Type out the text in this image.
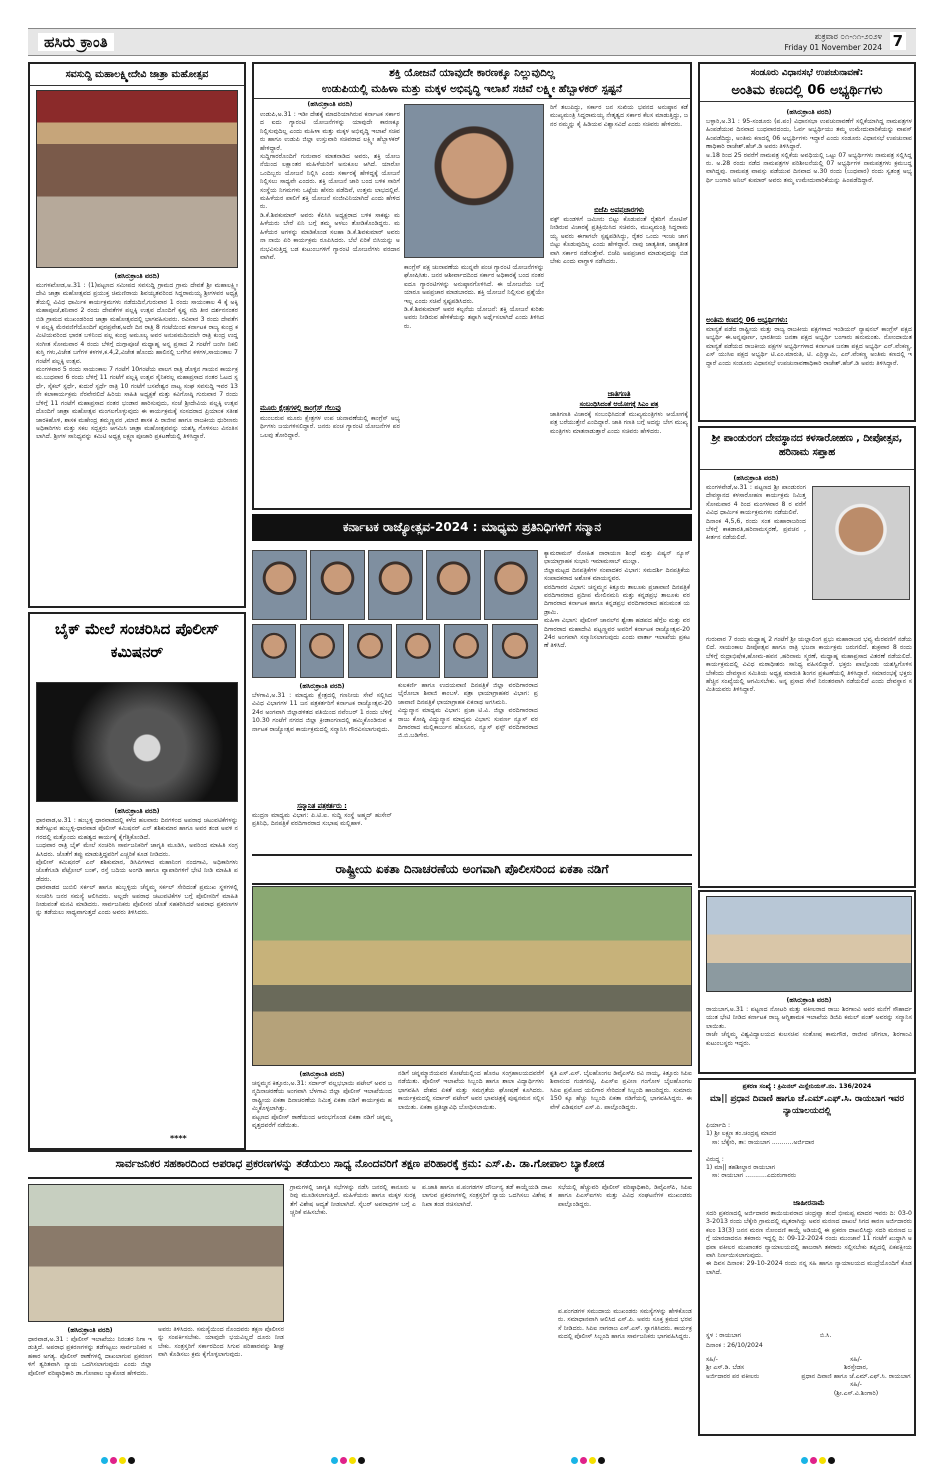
ಹಸಿರು ಕ್ರಾಂತಿ	ಶುಕ್ರವಾರ ೦೧-೧೧-೨೦೨೪
Friday 01 November 2024 7
ಸವಸುದ್ದಿ ಮಹಾಲಕ್ಷ್ಮೀದೇವಿ ಜಾತ್ರಾ ಮಹೋತ್ಸವ
(ಹಸಿರುಕ್ರಾಂತಿ ವರದಿ)
ಮುಗಳಖೋಡ,ಅ.31 : (1)ಪಟ್ಟಣದ ಸಮೀಪದ ಸವಸುದ್ದಿ ಗ್ರಾಮದ ಗ್ರಾಮ ದೇವತೆ ಶ್ರೀ ಮಹಾಲಕ್ಷ್ಮೀ ದೇವಿ ಜಾತ್ರಾ ಮಹೋತ್ಸವದ ಪ್ರಯುಕ್ತ ಚಿಮಣಿರಾಯ ಶಿವಯ್ಯತವರಿಂದ ಸಿದ್ದರಾಮಯ್ಯ ಶ್ರೀಗಳವರ ಅಧ್ಯಕ್ಷತೆಯಲ್ಲಿ ವಿವಿಧ ಧಾರ್ಮಿಕ ಕಾರ್ಯಕ್ರಮಗಳು ನಡೆದುದಿನೆ,ಗುರುವಾರ 1 ರಂದು ಸಾಯಂಕಾಲ 4 ಕ್ಕೆ ಅಕ್ಕಿ ಮಹಾಪೂಜೆ,ಶನಿವಾರ 2 ರಂದು ದೇವತೆಗಳ ಪಲ್ಲಕ್ಕಿ ಉತ್ಸವ ದೊಂದಿಗೆ ಕೃಷ್ಣ ನದಿ ತೀರ ದರ್ಶನನಂತರ ಬಿಡಿ ಗ್ರಾಮದ ಮುಖಂಡರಿಂದ ಜಾತ್ರಾ ಮಹೋತ್ಸವದಲ್ಲಿ ಭಾಗವಹಿಸುವರು. ರವಿವಾರ 3 ರಂದು ದೇವತೆಗಳ ಪಲ್ಲಕ್ಕಿ ಮೆರವಣಿಗೆಯೊಂದಿಗೆ ಪುರಪ್ರವೇಶ,ಅದೇ ದಿನ ರಾತ್ರಿ 8 ಗಂಟೆಯಿಂದ ಕರ್ನಾಟಕ ರಾಜ್ಯ ಕುಂದ್ರ ಕಮಿಟಿಯವರಿಂದ ಭಾರತ ಬಳಿನಿಂದ ಪಲ್ಲ ಕುಂದ್ರ ಅಮೂಲ್ಯ ಅವರ ಅನುಪಮದಿಂದಲೇ ರಾತ್ರಿ ಕುಂದ್ರ ಉದ್ದ ಸಂಗೀತ ಸೋಮವಾರ 4 ರಂದು ಬೆಳಿಗ್ಗೆ ದುಗ್ಗಾಪೂಜೆ ಮಧ್ಯಾಹ್ನ ಅನ್ನ ಪ್ರಸಾದ 2 ಗಂಟೆಗೆ ಜಂಗೀ ನಿಕಲಿ ಕುಸ್ತಿ ಗಳು,ವಿಜೇತ ಬಗೆಗಳ ಕಳಗಳ,ಕ.4,2,ವಿಜೇತ ಹೊಂದು ಹಾಲಿನಲ್ಲಿ ಬಗೆಗಿನ ಕಳಗಳ,ಸಾಯಂಕಾಲ 7 ಗಂಟೆಗೆ ಪಲ್ಲಕ್ಕಿ ಉತ್ಸವ.
ಮಂಗಳವಾರ 5 ರಂದು ಸಾಯಂಕಾಲ 7 ಗಂಟೆಗೆ 10ಗಂಟೆಯ ವಾಲಗ ರಾತ್ರಿ ಡೊಳ್ಳಿನ ಗಾಯನ ಕಾರ್ಯಕ್ರಮ.ಬುಧವಾರ 6 ರಂದು ಬೆಳಿಗ್ಗೆ 11 ಗಂಟೆಗೆ ಪಲ್ಲಕ್ಕಿ ಉತ್ಸವ ಸೈನಿಕರಲ್ಲ ಮಹಾಪ್ರಸಾದ ನಂತರ ಓಟದ ಸ್ಪರ್ಧೆ, ಸೈಕಲ್ ಸ್ಪರ್ಧೆ, ಕುದುರೆ ಸ್ಪರ್ಧೆ ರಾತ್ರಿ 10 ಗಂಟೆಗೆ ಬಸವೇಶ್ವರ ನಾಟ್ಯ ಸಂಘ ಸವಸುದ್ದಿ ಇವರ 13 ನೇ ಕಲಾಕಾರ್ಯಕ್ರಮ ನೆರವೇರಲಿದೆ ಹಿರಿಯ ಸಾಹಿತಿ ಅಧ್ಯಕ್ಷತೆ ಮತ್ತು ಕವಿಗೋಷ್ಠಿ ಗುರುವಾರ 7 ರಂದು ಬೆಳಿಗ್ಗೆ 11 ಗಂಟೆಗೆ ಮಹಾಪ್ರಸಾದ ನಂತರ ಭಂಡಾರ ಹಾರಿಸುವುದು, ಸಂಜೆ ಶ್ರೀದೇವಿಯ ಪಲ್ಲಕ್ಕಿ ಉತ್ಸವ ದೊಂದಿಗೆ ಜಾತ್ರಾ ಮಹೋತ್ಸವ ಮಂಗಲಗೊಳ್ಳುವುದು ಈ ಕಾರ್ಯಕ್ರಮಕ್ಕೆ ಸಂಸದರಾದ ಪ್ರಿಯಾಂಕ ಸತೀಶ ಜಾರಕಿಹೊಳಿ, ಶಾಸಕ ಮಹೇಂದ್ರ ತಮ್ಮಣ್ಣವರ ,ಮಾಜಿ ಶಾಸಕ ಪಿ ರಾಜೀವ ಹಾಗೂ ರಾಜಕೀಯ ಧುರೀಣರು ಅಧಿಕಾರಿಗಳು ಮತ್ತು ಸಕಲ ಸದ್ಭಕ್ತರು ಆಗಮಿಸಿ ಜಾತ್ರಾ ಮಹೋತ್ಸವವನ್ನು ಯಶಸ್ವಿ ಗೊಳಿಸಲು ವಿನಂತಿಸಲಾಗಿದೆ. ಶ್ರೀಗಳ ಸಾನಿಧ್ಯವನ್ನು ಕಮಿಟಿ ಅಧ್ಯಕ್ಷ ಲಕ್ಷ್ಮಣ ಪೂಜಾರಿ ಪ್ರಕಟಣೆಯಲ್ಲಿ ತಿಳಿಸಿದ್ದಾರೆ.
ಬೈಕ್ ಮೇಲೆ ಸಂಚರಿಸಿದ ಪೊಲೀಸ್ ಕಮಿಷನರ್
(ಹಸಿರುಕ್ರಾಂತಿ ವರದಿ)
ಧಾರವಾಡ,ಅ.31 : ಹುಬ್ಬಳ್ಳಿ ಧಾರವಾಡದಲ್ಲಿ ಕಳೆದ ಹಲವಾರು ದಿನಗಳಿಂದ ಅಪರಾಧ ಚಟುವಟಿಕೆಗಳನ್ನು ತಡೆಗಟ್ಟುವ ಹುಬ್ಬಳ್ಳಿ-ಧಾರವಾಡ ಪೊಲೀಸ್ ಕಮಿಷನರ್ ಎನ್ ಶಶಿಕುಮಾರ ಹಾಗೂ ಅವರ ತಂಡ ಅವಳಿ ನಗರದಲ್ಲಿ ಮತ್ತೊಂದು ಮಹತ್ವದ ಕಾರ್ಯಕ್ಕೆ ಕೈಗೆತ್ತಿಕೊಂಡಿದೆ.
ಬುಧವಾರ ರಾತ್ರಿ ಬೈಕ್ ಮೇಲೆ ಸಂಚರಿಸಿ ಸಾರ್ವಜನಿಕರಿಗೆ ಜಾಗೃತಿ ಮೂಡಿಸಿ, ಅವರಿಂದ ಮಾಹಿತಿ ಸಂಗ್ರಹಿಸಿದರು. ಜೊತೆಗೆ ತಪ್ಪು ಮಾಡುತ್ತಿದ್ದವರಿಗೆ ಎಚ್ಚರಿಕೆ ಕೂಡ ನೀಡಿದರು.
ಪೊಲೀಸ್ ಕಮಿಷನರ್ ಎನ್ ಶಶಿಕುಮಾರ, ಡಿಸಿಪಿಗಳಾದ ಮಹಾನಿಂಗ ನಂದಗಾವಿ, ಅಧಿಕಾರಿಗಳು ಜೊತೆಗೂಡಿ ಪೆಟ್ರೋಲ್ ಬಂಕ್, ರಸ್ತೆ ಬದಿಯ ಅಂಗಡಿ ಹಾಗೂ ವ್ಯಾಪಾರಿಗಳಿಗೆ ಭೇಟಿ ನೀಡಿ ಮಾಹಿತಿ ಪಡೆದರು.
ಧಾರವಾಡದ ಜುಬಿಲಿ ಸರ್ಕಲ್ ಹಾಗೂ ಹುಬ್ಬಳ್ಳಿಯ ಚೆನ್ನಮ್ಮ ಸರ್ಕಲ್ ಸೇರಿದಂತೆ ಪ್ರಮುಖ ಸ್ಥಳಗಳಲ್ಲಿ ಸಂಚರಿಸಿ ಜನರ ಸಮಸ್ಯೆ ಆಲಿಸಿದರು. ಅಲ್ಲದೇ ಅಪರಾಧ ಚಟುವಟಿಕೆಗಳ ಬಗ್ಗೆ ಪೊಲೀಸರಿಗೆ ಮಾಹಿತಿ ನೀಡುವಂತೆ ಮನವಿ ಮಾಡಿದರು. ಸಾರ್ವಜನಿಕರು ಪೊಲೀಸರ ಜೊತೆ ಸಹಕರಿಸಿದರೆ ಅಪರಾಧ ಪ್ರಕರಣಗಳನ್ನು ತಡೆಯಲು ಸಾಧ್ಯವಾಗುತ್ತದೆ ಎಂದು ಅವರು ತಿಳಿಸಿದರು.
****
ಶಕ್ತಿ ಯೋಜನೆ ಯಾವುದೇ ಕಾರಣಕ್ಕೂ ನಿಲ್ಲುವುದಿಲ್ಲ
ಉಡುಪಿಯಲ್ಲಿ ಮಹಿಳಾ ಮತ್ತು ಮಕ್ಕಳ ಅಭಿವೃದ್ಧಿ ಇಲಾಖೆ ಸಚಿವೆ ಲಕ್ಷ್ಮೀ ಹೆಬ್ಬಾಳಕರ್ ಸ್ಪಷ್ಟನೆ
(ಹಸಿರುಕ್ರಾಂತಿ ವರದಿ)
ಉಡುಪಿ,ಅ.31 : ಇಡೀ ದೇಶಕ್ಕೆ ಮಾದರಿಯಾಗಿರುವ ಕರ್ನಾಟಕ ಸರ್ಕಾರದ ಐದು ಗ್ಯಾರಂಟಿ ಯೋಜನೆಗಳನ್ನು ಯಾವುದೇ ಕಾರಣಕ್ಕೂ ನಿಲ್ಲಿಸುವುದಿಲ್ಲ ಎಂದು ಮಹಿಳಾ ಮತ್ತು ಮಕ್ಕಳ ಅಭಿವೃದ್ಧಿ ಇಲಾಖೆ ಸಚಿವರು ಹಾಗೂ ಉಡುಪಿ ಜಿಲ್ಲಾ ಉಸ್ತುವಾರಿ ಸಚಿವರಾದ ಲಕ್ಷ್ಮೀ ಹೆಬ್ಬಾಳಕರ್ ಹೇಳಿದ್ದಾರೆ.
ಸುದ್ದಿಗಾರರೊಂದಿಗೆ ಗುರುವಾರ ಮಾತನಾಡಿದ ಅವರು, ಶಕ್ತಿ ಯೋಜನೆಯಿಂದ ಲಕ್ಷಾಂತರ ಮಹಿಳೆಯರಿಗೆ ಅನುಕೂಲ ಆಗಿದೆ. ಯಾರೋ ಒಂದಿಬ್ಬರು ಯೋಜನೆ ನಿಲ್ಲಿಸಿ ಎಂದು ಸರ್ಕಾರಕ್ಕೆ ಹೇಳಿದ್ದಕ್ಕೆ ಯೋಜನೆ ನಿಲ್ಲಿಸಲು ಸಾಧ್ಯವೇ ಎಂದರು. ಶಕ್ತಿ ಯೋಜನೆ ಜಾರಿ ಬಂದ ಬಳಿಕ ಸಾರಿಗೆ ಸಂಸ್ಥೆಯ ನಿಗಮಗಳು ಒಟ್ಟೆಯ ಹೆಸರು ಪಡೆದಿವೆ, ಉತ್ತಮ ಲಾಭದಲ್ಲಿವೆ. ಮಹಿಳೆಯರ ಪಾಲಿಗೆ ಶಕ್ತಿ ಯೋಜನೆ ಸಂಜೀವಿನಿಯಾಗಿದೆ ಎಂದು ಹೇಳಿದರು.
ಡಿ.ಕೆ.ಶಿವಕುಮಾರ್ ಅವರು ಕೆಪಿಸಿಸಿ ಅಧ್ಯಕ್ಷರಾದ ಬಳಿಕ ಸಾಕಷ್ಟು ಮಹಿಳೆಯರು ಬೇರೆ ಏನಿ ಬಗ್ಗೆ ತಮ್ಮ ಅಳಲು ತೋಡಿಕೊಂಡಿದ್ದರು. ಮಹಿಳೆಯರ ಅಗಳನ್ನು ಮಾಡಿಕೊಂಡ ಸಲಹಾ ಡಿ.ಕೆ.ಶಿವಕುಮಾರ್ ಅವರು ನಾ ನಾಯಿ ಏರಿ ಕಾರ್ಯಕ್ರಮ ರೂಪಿಸಿದರು. ಬೆಲೆ ಏರಿಕೆ ಬಿಸಿಯನ್ನು ಅನುಭವಿಸುತ್ತಿದ್ದ ಬಡ ಕುಟುಂಬಗಳಿಗೆ ಗ್ಯಾರಂಟಿ ಯೋಜನೆಗಳು ವರದಾನವಾಗಿವೆ.
ಮೂರು ಕ್ಷೇತ್ರಗಳಲ್ಲಿ ಕಾಂಗ್ರೆಸ್ ಗೆಲುವು
ಮುಂಬರುವ ಮೂರು ಕ್ಷೇತ್ರಗಳ ಉಪ ಚುನಾವಣೆಯಲ್ಲಿ ಕಾಂಗ್ರೆಸ್ ಅಭ್ಯರ್ಥಿಗಳು ಜಯಗಳಿಸಲಿದ್ದಾರೆ. ಜನರು ಪಂಚ ಗ್ಯಾರಂಟಿ ಯೋಜನೆಗಳ ಪರ ಒಲವು ತೋರಿದ್ದಾರೆ.
ಕಾಂಗ್ರೆಸ್ ಪಕ್ಷ ಚುನಾವಣೆಯ ಮುನ್ನವೇ ಪಂಚ ಗ್ಯಾರಂಟಿ ಯೋಜನೆಗಳನ್ನು ಘೋಷಿಸಿತು. ಜನರ ಆಶೀರ್ವಾದದಿಂದ ಸರ್ಕಾರ ಅಧಿಕಾರಕ್ಕೆ ಬಂದ ನಂತರ ಐದೂ ಗ್ಯಾರಂಟಿಗಳನ್ನು ಅನುಷ್ಠಾನಗೊಳಿಸಿದೆ. ಈ ಯೋಜನೆಯ ಬಗ್ಗೆ ಯಾರೂ ಅಪಪ್ರಚಾರ ಮಾಡಬಾರದು. ಶಕ್ತಿ ಯೋಜನೆ ನಿಲ್ಲಿಸುವ ಪ್ರಶ್ನೆಯೇ ಇಲ್ಲ ಎಂದು ಸಚಿವೆ ಸ್ಪಷ್ಟಪಡಿಸಿದರು.
ಡಿ.ಕೆ.ಶಿವಕುಮಾರ್ ಅವರ ಕಲ್ಪನೆಯ ಯೋಜನೆ: ಶಕ್ತಿ ಯೋಜನೆ ಕುರಿತು ಅವರು ನೀಡಿರುವ ಹೇಳಿಕೆಯನ್ನು ತಪ್ಪಾಗಿ ಅರ್ಥೈಸಲಾಗಿದೆ ಎಂದು ತಿಳಿಸಿದರು.
ರಿಗೆ ತಲುಪಿದ್ದು, ಸರ್ಕಾರ ಜನ ಸುಖಿಯ ಭವನದ ಅನುಷ್ಠಾನ ಕಡೆ ಮುಖ್ಯಮಂತ್ರಿ ಸಿದ್ದರಾಮಯ್ಯ ನೇತೃತ್ವದ ಸರ್ಕಾರ ಕೆಲಸ ಮಾಡುತ್ತಿದ್ದು, ಜನರ ನಮ್ಮನ್ನು ಕೈ ಹಿಡಿಯವ ವಿಶ್ವಾಸವಿದೆ ಎಂದು ಸಚಿವರು ಹೇಳಿದರು.
ಬಿಜೆಪಿ ಅಪಪ್ರಚಾರಗಳು
ವಕ್ಫ್ ಮಂಡಳಿಗೆ ಜಮೀನು ಬಿಟ್ಟು ಕೊಡುವಂತೆ ರೈತರಿಗೆ ನೋಟಿಸ್ ನೀಡಿರುವ ವಿಚಾರಕ್ಕೆ ಪ್ರತಿಕ್ರಿಯಿಸಿದ ಸಚಿವರು, ಮುಖ್ಯಮಂತ್ರಿ ಸಿದ್ದರಾಮಯ್ಯ ಅವರು ಈಗಾಗಲೇ ಸ್ಪಷ್ಟಪಡಿಸಿದ್ದು, ರೈತರ ಒಂದು ಇಂಚು ಜಾಗ ಬಿಟ್ಟು ಕೊಡುವುದಿಲ್ಲ ಎಂದು ಹೇಳಿದ್ದಾರೆ. ನಾವು ಜಾತ್ಯತೀತ, ಜಾತ್ಯತೀತವಾಗಿ ಸರ್ಕಾರ ನಡೆಸುತ್ತೇವೆ. ಬಿಜೆಪಿ ಅಪಪ್ರಚಾರ ಮಾಡುವುದನ್ನು ಬಿಡಬೇಕು ಎಂದು ವಾಗ್ದಾಳಿ ನಡೆಸಿದರು.
ಜಾತಿಗಣತಿ
ಸಂಬಂಧಿಸಿದಂತೆ ಆಯೋಗಕ್ಕೆ ಸಿಎಂ ಪತ್ರ
ಜಾತಿಗಣತಿ ವಿಚಾರಕ್ಕೆ ಸಂಬಂಧಿಸಿದಂತೆ ಮುಖ್ಯಮಂತ್ರಿಗಳು ಆಯೋಗಕ್ಕೆ ಪತ್ರ ಬರೆಯುತ್ತೇನೆ ಎಂದಿದ್ದಾರೆ. ಜಾತಿ ಗಣತಿ ಬಗ್ಗೆ ಅದನ್ನು ಬೇಗ ಮುಖ್ಯಮಂತ್ರಿಗಳು ಮಾತನಾಡುತ್ತಾರೆ ಎಂದು ಸಚಿವರು ಹೇಳಿದರು.
ಕರ್ನಾಟಕ ರಾಜ್ಯೋತ್ಸವ-2024 : ಮಾಧ್ಯಮ ಪ್ರತಿನಿಧಿಗಳಿಗೆ ಸನ್ಮಾನ
ಕ್ಯಾಮರಾಮನ್ ರೋಹಿತ ನಾರಾಯಣ ಶಿಂಧೆ ಮತ್ತು ಏಷ್ಯನ್ ನ್ಯೂಸ್ ಛಾಯಾಗ್ರಾಹಕ ಸುಭಾನಿ ಇಮಾಮಸಾಬ್ ಮುಲ್ಲಾ.
ಜಿಲ್ಲಾಮಟ್ಟದ ದಿನಪತ್ರಿಕೆಗಳ ಸಂಪಾದಕರ ವಿಭಾಗ: ಸಮದರ್ಶಿ ದಿನಪತ್ರಿಕೆಯ ಸಂಪಾದಕರಾದ ಅಶೋಕ ಮಾಯನ್ನವರ.
ವರದಿಗಾರರ ವಿಭಾಗ: ಚನ್ನಮ್ಮನ ಕಿತ್ತೂರು ತಾಲೂಕು ಪ್ರಜಾವಾಣಿ ದಿನಪತ್ರಿಕೆ ವರದಿಗಾರರಾದ ಪ್ರದೀಪ ಮೇಲಿನಮನಿ ಮತ್ತು ಕನ್ನಡಪ್ರಭ ತಾಲೂಕು ವರದಿಗಾರರಾದ ಕರ್ನಾಟಕ ಹಾಗೂ ಕನ್ನಡಪ್ರಭ ವರದಿಗಾರರಾದ ಹನುಮಂತ ಯಡ್ರಾಮಿ.
ಮಹಿಳಾ ವಿಭಾಗ: ಪೊಲೀಸ್ ಚಾನಲ್‍ನ ಶ್ವೇತಾ ಹಡಪದ ಹೆಗ್ಗೆಲ ಮತ್ತು ವರದಿಗಾರರಾದ ಮಹಾದೇವಿ ಪಟ್ಟಣ್ಣವರ ಅವರಿಗೆ ಕರ್ನಾಟಕ ರಾಜ್ಯೋತ್ಸವ-2024ರ ಅಂಗವಾಗಿ ಸನ್ಮಾನಿಸಲಾಗುವುದು ಎಂದು ವಾರ್ತಾ ಇಲಾಖೆಯ ಪ್ರಕಟಣೆ ತಿಳಿಸಿದೆ.
(ಹಸಿರುಕ್ರಾಂತಿ ವರದಿ)
ಬೆಳಗಾವಿ,ಅ.31 : ಮಾಧ್ಯಮ ಕ್ಷೇತ್ರದಲ್ಲಿ ಗಣನೀಯ ಸೇವೆ ಸಲ್ಲಿಸಿದ ವಿವಿಧ ವಿಭಾಗಗಳ 11 ಜನ ಪತ್ರಕರ್ತರಿಗೆ ಕರ್ನಾಟಕ ರಾಜ್ಯೋತ್ಸವ-2024ರ ಅಂಗವಾಗಿ ಜಿಲ್ಲಾಡಳಿತದ ವತಿಯಿಂದ ನವೆಂಬರ್ 1 ರಂದು ಬೆಳಿಗ್ಗೆ 10.30 ಗಂಟೆಗೆ ನಗರದ ಜಿಲ್ಲಾ ಕ್ರೀಡಾಂಗಣದಲ್ಲಿ ಹಮ್ಮಿಕೊಂಡಿರುವ ಕರ್ನಾಟಕ ರಾಜ್ಯೋತ್ಸವ ಕಾರ್ಯಕ್ರಮದಲ್ಲಿ ಸನ್ಮಾನಿಸಿ ಗೌರವಿಸಲಾಗುವುದು.
ಸನ್ಮಾನಿತ ಪತ್ರಕರ್ತರು :
ಮುದ್ರಣ ಮಾಧ್ಯಮ ವಿಭಾಗ: ಪಿ.ಟಿ.ಐ. ಸುದ್ದಿ ಸಂಸ್ಥೆ ಅಹ್ಮದ್ ಹುಸೇನ್ ಪ್ರತಿನಿಧಿ, ದಿನಪತ್ರಿಕೆ ವರದಿಗಾರರಾದ ಸುಭಾಷ ಮಲ್ಲಿಹಾಳ.
ಕುಲಕರ್ಣಿ ಹಾಗೂ ಉದಯವಾಣಿ ದಿನಪತ್ರಿಕೆ ಜಿಲ್ಲಾ ವರದಿಗಾರರಾದ ಭೈರೋಬಾ ಶಿವಾಜಿ ಕಾಂಬಳೆ. ಪತ್ರಾ ಛಾಯಾಗ್ರಾಹಕರ ವಿಭಾಗ: ಪ್ರಜಾವಾಣಿ ದಿನಪತ್ರಿಕೆ ಛಾಯಾಗ್ರಾಹಕ ಏಕನಾಥ ಅಗಸಿಮನಿ.
ವಿದ್ಯುನ್ಮಾನ ಮಾಧ್ಯಮ ವಿಭಾಗ: ಪ್ರಜಾ ಟಿ.ವಿ. ಜಿಲ್ಲಾ ವರದಿಗಾರರಾದ ರಾಜು ಕೋಷ್ಠಿ ವಿದ್ಯುನ್ಮಾನ ಮಾಧ್ಯಮ ವಿಭಾಗ: ಸುವರ್ಣ ನ್ಯೂಸ್ ವರದಿಗಾರರಾದ ಮಲ್ಲಿಕಾರ್ಜುನ ಹೊಸೂರ, ನ್ಯೂಸ್ ಫಸ್ಟ್ ವರದಿಗಾರರಾದ ಜಿ.ಬಿ.ಬಡಿಗೇರ.
ರಾಷ್ಟ್ರೀಯ ಏಕತಾ ದಿನಾಚರಣೆಯ ಅಂಗವಾಗಿ ಪೊಲೀಸರಿಂದ ಏಕತಾ ನಡಿಗೆ
(ಹಸಿರುಕ್ರಾಂತಿ ವರದಿ)
ಚನ್ನಮ್ಮನ ಕಿತ್ತೂರು,ಅ.31: ಸರ್ದಾರ್ ವಲ್ಲಭಭಾಯಿ ಪಟೇಲ್ ಅವರ ಜನ್ಮದಿನಾಚರಣೆಯ ಅಂಗವಾಗಿ ಬೆಳಗಾವಿ ಜಿಲ್ಲಾ ಪೊಲೀಸ್ ಇಲಾಖೆಯಿಂದ ರಾಷ್ಟ್ರೀಯ ಏಕತಾ ದಿನಾಚರಣೆಯ ನಿಮಿತ್ತ ಏಕತಾ ನಡಿಗೆ ಕಾರ್ಯಕ್ರಮ ಹಮ್ಮಿಕೊಳ್ಳಲಾಗಿತ್ತು.
ಪಟ್ಟಣದ ಪೊಲೀಸ್ ಠಾಣೆಯಿಂದ ಆರಂಭಗೊಂಡ ಏಕತಾ ನಡಿಗೆ ಚನ್ನಮ್ಮ ವೃತ್ತದವರೆಗೆ ನಡೆಯಿತು.
ನಡಿಗೆ ಚನ್ನಮ್ಮಾಜಿಯವರ ಕೋಟೆಯಲ್ಲಿಂದ ಹೊರಟ ಸಂಗ್ರಹಾಲಯದವರೆಗೆ ನಡೆಯಿತು. ಪೊಲೀಸ್ ಇಲಾಖೆಯ ಸಿಬ್ಬಂದಿ ಹಾಗೂ ಶಾಲಾ ವಿದ್ಯಾರ್ಥಿಗಳು ಭಾಗವಹಿಸಿ ದೇಶದ ಏಕತೆ ಮತ್ತು ಸಮಗ್ರತೆಯ ಘೋಷಣೆ ಕೂಗಿದರು. ಕಾರ್ಯಕ್ರಮದಲ್ಲಿ ಸರ್ದಾರ್ ಪಟೇಲ್ ಅವರ ಭಾವಚಿತ್ರಕ್ಕೆ ಪುಷ್ಪನಮನ ಸಲ್ಲಿಸಲಾಯಿತು. ಏಕತಾ ಪ್ರತಿಜ್ಞಾವಿಧಿ ಬೋಧಿಸಲಾಯಿತು.
ಕೃತಿ ಎಸ್.ಎಸ್. ಬೈಲಹೊಂಗಲ ಡಿವೈಎಸ್‍ಪಿ ರವಿ ನಾಯ್ಕ, ಕಿತ್ತೂರು ಸಿಪಿಐ ಶಿವಾನಂದ ಗುಡಗನಟ್ಟಿ, ಪಿಎಸ್‍ಐ ಪ್ರವೀಣ ಗಂಗೋಳ ಬೈಲಹೊಂಗಲ ಸಿಪಿಐ ಪ್ರಮೋದ ಯಲಿಗಾರ ಸೇರಿದಂತೆ ಸಿಬ್ಬಂದಿ ಹಾಜರಿದ್ದರು. ಸುಮಾರು 150 ಕ್ಕೂ ಹೆಚ್ಚು ಸಿಬ್ಬಂದಿ ಏಕತಾ ನಡಿಗೆಯಲ್ಲಿ ಭಾಗವಹಿಸಿದ್ದರು. ಈ ವೇಳೆ ಎಡಿಷನಲ್ ಎಸ್.ಪಿ. ಪಾಲ್ಗೊಂಡಿದ್ದರು.
ಸಂಡೂರು ವಿಧಾನಸಭೆ ಉಪಚುನಾವಣೆ:
ಅಂತಿಮ ಕಣದಲ್ಲಿ 06 ಅಭ್ಯರ್ಥಿಗಳು
(ಹಸಿರುಕ್ರಾಂತಿ ವರದಿ)
ಬಳ್ಳಾರಿ,ಅ.31 : 95-ಸಂಡೂರು (ಪ.ಪಂ) ವಿಧಾನಸಭಾ ಉಪಚುನಾವಣೆಗೆ ಸಲ್ಲಿಕೆಯಾಗಿದ್ದ ನಾಮಪತ್ರಗಳ ಹಿಂಪಡೆಯುವ ದಿನವಾದ ಬುಧವಾರದಂದು, ಓರ್ವ ಅಭ್ಯರ್ಥಿಯು ತಮ್ಮ ಉಮೇದುವಾರಿಕೆಯನ್ನು ವಾಪಸ್ ಹಿಂಪಡೆದಿದ್ದು, ಅಂತಿಮ ಕಣದಲ್ಲಿ 06 ಅಭ್ಯರ್ಥಿಗಳು ಇದ್ದಾರೆ ಎಂದು ಸಂಡೂರು ವಿಧಾನಸಭೆ ಉಪಚುನಾವಣಾಧಿಕಾರಿ ರಾಜೇಶ್.ಹೆಚ್.ಡಿ ಅವರು ತಿಳಿಸಿದ್ದಾರೆ.
ಅ.18 ರಿಂದ 25 ರವರೆಗೆ ನಾಮಪತ್ರ ಸಲ್ಲಿಕೆಯ ಅವಧಿಯಲ್ಲಿ ಒಟ್ಟು 07 ಅಭ್ಯರ್ಥಿಗಳು ನಾಮಪತ್ರ ಸಲ್ಲಿಸಿದ್ದರು. ಅ.28 ರಂದು ನಡೆದ ನಾಮಪತ್ರಗಳ ಪರಿಶೀಲನೆಯಲ್ಲಿ 07 ಅಭ್ಯರ್ಥಿಗಳ ನಾಮಪತ್ರಗಳು ಕ್ರಮಬದ್ಧವಾಗಿದ್ದವು. ನಾಮಪತ್ರ ವಾಪಸ್ಸು ಪಡೆಯುವ ದಿನವಾದ ಅ.30 ರಂದು (ಬುಧವಾರ) ರಂದು ಸ್ವತಂತ್ರ ಅಭ್ಯರ್ಥಿ ಬಂಗಾರಿ ಅನಿಲ್ ಕುಮಾರ್ ಅವರು ತಮ್ಮ ಉಮೇದುವಾರಿಕೆಯನ್ನು ಹಿಂಪಡೆದಿದ್ದಾರೆ.
ಅಂತಿಮ ಕಣದಲ್ಲಿ 06 ಅಭ್ಯರ್ಥಿಗಳು:
ಮಾನ್ಯತೆ ಪಡೆದ ರಾಷ್ಟ್ರೀಯ ಮತ್ತು ರಾಜ್ಯ ರಾಜಕೀಯ ಪಕ್ಷಗಳಾದ ಇಂಡಿಯನ್ ನ್ಯಾಷನಲ್ ಕಾಂಗ್ರೆಸ್ ಪಕ್ಷದ ಅಭ್ಯರ್ಥಿ ಈ.ಅನ್ನಪೂರ್ಣ, ಭಾರತೀಯ ಜನತಾ ಪಕ್ಷದ ಅಭ್ಯರ್ಥಿ ಬಂಗಾರು ಹನುಮಂತು. ನೋಂದಾಯಿತ ಮಾನ್ಯತೆ ಪಡೆಯದ ರಾಜಕೀಯ ಪಕ್ಷಗಳ ಅಭ್ಯರ್ಥಿಗಳಾದ ಕರ್ನಾಟಕ ಜನತಾ ಪಕ್ಷದ ಅಭ್ಯರ್ಥಿ ಎನ್.ವೆಂಕಣ್ಣ, ಎಸ್ ಯುಸಿಐ ಪಕ್ಷದ ಅಭ್ಯರ್ಥಿ ಟಿ.ಎಂ.ಮಾರುತಿ, ಟಿ. ಎರ್ರಿಸ್ವಾಮಿ, ಎನ್.ವೆಂಕಣ್ಣ ಅಂತಿಮ ಕಣದಲ್ಲಿ ಇದ್ದಾರೆ ಎಂದು ಸಂಡೂರು ವಿಧಾನಸಭೆ ಉಪಚುನಾವಣಾಧಿಕಾರಿ ರಾಜೇಶ್.ಹೆಚ್.ಡಿ ಅವರು ತಿಳಿಸಿದ್ದಾರೆ.
ಶ್ರೀ ಪಾಂಡುರಂಗ ದೇವಸ್ಥಾನದ ಕಳಸಾರೋಹಣ , ದೀಪೋತ್ಸವ, ಹರಿನಾಮ ಸಪ್ತಾಹ
(ಹಸಿರುಕ್ರಾಂತಿ ವರದಿ)
ಮಂಗಳವೇಡೆ,ಅ.31 : ಪಟ್ಟಣದ ಶ್ರೀ ಪಾಂಡುರಂಗ ದೇವಸ್ಥಾನದ ಕಳಸಾರೋಹಣ ಕಾರ್ಯಕ್ರಮ ನಿಮಿತ್ತ ಸೋಮವಾರ 4 ರಿಂದ ಮಂಗಳವಾರ 8 ರ ವರೆಗೆ ವಿವಿಧ ಧಾರ್ಮಿಕ ಕಾರ್ಯಕ್ರಮಗಳು ನಡೆಯಲಿವೆ.
ದಿನಾಂಕ 4,5,6, ರಂದು ಸಂತ ಮಹಾರಾಜರಿಂದ ಬೆಳಿಗ್ಗೆ ಕಾಕಡಾರತಿ,ಹರಿನಾಮಸ್ಮರಣೆ, ಪ್ರವಚನ ,ಕೀರ್ತನ ನಡೆಯಲಿದೆ.
ಗುರುವಾರ 7 ರಂದು ಮಧ್ಯಾಹ್ನ 2 ಗಂಟೆಗೆ ಶ್ರೀ ಯಲ್ಲಾಲಿಂಗ ಪ್ರಭು ಮಹಾರಾಜರ ಭವ್ಯ ಮೆರವಣಿಗೆ ನಡೆಯಲಿದೆ. ಸಾಯಂಕಾಲ ದೀಪೋತ್ಸವ ಹಾಗೂ ರಾತ್ರಿ ಭಜನಾ ಕಾರ್ಯಕ್ರಮ ಜರುಗಲಿದೆ. ಶುಕ್ರವಾರ 8 ರಂದು ಬೆಳಿಗ್ಗೆ ರುದ್ರಾಭಿಷೇಕ,ಹೋಮ-ಹವನ ,ಹರಿನಾಮ ಸ್ಮರಣೆ, ಮಧ್ಯಾಹ್ನ ಮಹಾಪ್ರಸಾದ ವಿತರಣೆ ನಡೆಯಲಿದೆ. ಕಾರ್ಯಕ್ರಮದಲ್ಲಿ ವಿವಿಧ ಮಠಾಧೀಶರು ಸಾನಿಧ್ಯ ವಹಿಸಲಿದ್ದಾರೆ. ಭಕ್ತರು ಪಾಲ್ಗೊಂಡು ಯಶಸ್ವಿಗೊಳಿಸಬೇಕೆಂದು ದೇವಸ್ಥಾನ ಸಮಿತಿಯ ಅಧ್ಯಕ್ಷ ಮಾರುತಿ ಶಿಂಗನ ಪ್ರಕಟಣೆಯಲ್ಲಿ ತಿಳಿಸಿದ್ದಾರೆ. ಸಮಾರಂಭಕ್ಕೆ ಭಕ್ತರು ಹೆಚ್ಚಿನ ಸಂಖ್ಯೆಯಲ್ಲಿ ಆಗಮಿಸಬೇಕು. ಅನ್ನ ಪ್ರಸಾದ ಸೇವೆ ನಿರಂತರವಾಗಿ ನಡೆಯಲಿದೆ ಎಂದು ದೇವಸ್ಥಾನ ಸಮಿತಿಯವರು ತಿಳಿಸಿದ್ದಾರೆ.
(ಹಸಿರುಕ್ರಾಂತಿ ವರದಿ)
ರಾಯಬಾಗ,ಅ.31 : ಪಟ್ಟಣದ ನೋಟರಿ ಮತ್ತು ವಕೀಲರಾದ ರಾಜು ಶಿರಗಾಂವಿ ಅವರ ಮನೆಗೆ ಸೌಹಾರ್ದಯುತ ಭೇಟಿ ನೀಡಿದ ಕರ್ನಾಟಕ ರಾಜ್ಯ ಆಗ್ನಿಶಾಮಕ ಇಲಾಖೆಯ ಡಿಜಿಪಿ ಕಮಲ್ ಪಂತ್ ಅವರನ್ನು ಸನ್ಮಾನಿಸಲಾಯಿತು.
ರಾಜೇ ಚೆನ್ನಮ್ಮ ವಿಶ್ವವಿದ್ಯಾಲಯದ ಕುಲಸಚಿವ ಸಂತೋಷ ಕಾಮಗೌಡ, ರಾಜೀವ ಚೌಗಲಾ, ಶಿರಗಾಂವಿ ಕುಟುಂಬಸ್ಥರು ಇದ್ದರು.
ಪ್ರಕರಣ ಸಂಖ್ಯೆ : ಕ್ರಿಮಿನಲ್ ಮಿಸ್ಲೇನಿಯಸ್.ನಂ. 136/2024
ಮಾ|| ಪ್ರಧಾನ ದಿವಾಣಿ ಹಾಗೂ ಜೆ.ಎಮ್.ಎಫ್.ಸಿ. ರಾಯಬಾಗ ಇವರ ನ್ಯಾಯಾಲಯದಲ್ಲಿ
ಫಿರ್ಯಾದಿ :
1) ಶ್ರೀ ಲಕ್ಷ್ಮಣ ತಂ.ಚಂದ್ರಪ್ಪ ಮಾದರ
ಸಾ: ಬೆಕ್ಕೇರಿ, ತಾ: ರಾಯಬಾಗ ...........ಅರ್ಜಿದಾರ

ವಿರುದ್ಧ :
1) ಮಾ|| ತಹಶೀಲ್ದಾರ ರಾಯಬಾಗ
ಸಾ: ರಾಯಬಾಗ ...........ಎದುರುಗಾರರು
ಜಾಹೀರನಾಮೆ
ಸದರಿ ಪ್ರಕರಣದಲ್ಲಿ ಅರ್ಜಿದಾರರ ತಾಯಿಯವರಾದ ಚಂದ್ರವ್ವಾ ತಂದೆ ಭೀಮಪ್ಪ ಮಾದರ ಇವರು ದಿ: 03-03-2013 ರಂದು ಬೆಕ್ಕೇರಿ ಗ್ರಾಮದಲ್ಲಿ ಮೃತರಾಗಿದ್ದು ಅವರ ಮರಣದ ದಾಖಲೆ ಸಿಗದ ಕಾರಣ ಅರ್ಜಿದಾರರು ಕಲಂ 13(3) ಜನನ ಮರಣ ನೋಂದಣಿ ಕಾಯ್ದೆ ಅಡಿಯಲ್ಲಿ ಈ ಪ್ರಕರಣ ದಾಖಲಿಸಿದ್ದು ಸದರಿ ಮರಣದ ಬಗ್ಗೆ ಯಾರದಾದರೂ ತಕರಾರು ಇದ್ದಲ್ಲಿ ದಿ: 09-12-2024 ರಂದು ಮುಂಜಾನೆ 11 ಗಂಟೆಗೆ ಖುದ್ದಾಗಿ ಅಥವಾ ವಕೀಲರ ಮುಖಾಂತರ ನ್ಯಾಯಾಲಯದಲ್ಲಿ ಹಾಜರಾಗಿ ತಕರಾರು ಸಲ್ಲಿಸಬೇಕು ತಪ್ಪಿದಲ್ಲಿ ಏಕಪಕ್ಷೀಯವಾಗಿ ನಿರ್ಣಯಿಸಲಾಗುವುದು.
ಈ ದಿವಸ ದಿನಾಂಕ: 29-10-2024 ರಂದು ನನ್ನ ಸಹಿ ಹಾಗೂ ನ್ಯಾಯಾಲಯದ ಮುದ್ರೆಯೊಂದಿಗೆ ಕೊಡಲಾಗಿದೆ.
ಸ್ಥಳ : ರಾಯಬಾಗ
ದಿನಾಂಕ : 26/10/2024
ಬಿ.ಸಿ.
ಸಹಿ/-
ಶ್ರೀ ಎಸ್.ಡಿ. ಬೆಡಸ
ಅರ್ಜಿದಾರರ ಪರ ವಕೀಲರು
ಸಹಿ/-
ಶಿರಸ್ತೇದಾರ,
ಪ್ರಧಾನ ದಿವಾಣಿ ಹಾಗೂ ಜೆ.ಎಮ್.ಎಫ್.ಸಿ. ರಾಯಬಾಗ
ಸಹಿ/-
(ಶ್ರೀ.ಎಸ್.ವಿ.ಶಿಂಗಾರಿ)
ಸಾರ್ವಜನಿಕರ ಸಹಕಾರದಿಂದ ಅಪರಾಧ ಪ್ರಕರಣಗಳನ್ನು ತಡೆಯಲು ಸಾಧ್ಯ ನೊಂದವರಿಗೆ ತಕ್ಷಣ ಪರಿಹಾರಕ್ಕೆ ಕ್ರಮ: ಎಸ್.ಪಿ. ಡಾ.ಗೋಪಾಲ ಬ್ಯಾಕೋಡ
(ಹಸಿರುಕ್ರಾಂತಿ ವರದಿ)
ಧಾರವಾಡ,ಅ.31 : ಪೊಲೀಸ್ ಇಲಾಖೆಯು ನಿರಂತರ ನಿಗಾ ಇಡುತ್ತಿದೆ. ಅಪರಾಧ ಪ್ರಕರಣಗಳನ್ನು ತಡೆಗಟ್ಟಲು ಸಾರ್ವಜನಿಕರ ಸಹಕಾರ ಅಗತ್ಯ. ಪೊಲೀಸ್ ಠಾಣೆಗಳಲ್ಲಿ ದಾಖಲಾಗುವ ಪ್ರಕರಣಗಳಿಗೆ ತ್ವರಿತವಾಗಿ ನ್ಯಾಯ ಒದಗಿಸಲಾಗುವುದು ಎಂದು ಜಿಲ್ಲಾ ಪೊಲೀಸ್ ವರಿಷ್ಠಾಧಿಕಾರಿ ಡಾ.ಗೋಪಾಲ ಬ್ಯಾಕೋಡ ಹೇಳಿದರು.
ಅವರು ತಿಳಿಸಿದರು. ಸಮಸ್ಯೆಯಿಂದ ನೊಂದವರು ತಕ್ಷಣ ಪೊಲೀಸರನ್ನು ಸಂಪರ್ಕಿಸಬೇಕು. ಯಾವುದೇ ಭಯವಿಲ್ಲದೆ ದೂರು ನೀಡಬೇಕು. ಸಂತ್ರಸ್ತರಿಗೆ ಸರ್ಕಾರದಿಂದ ಸಿಗುವ ಪರಿಹಾರವನ್ನು ಶೀಘ್ರವಾಗಿ ಕೊಡಿಸಲು ಕ್ರಮ ಕೈಗೊಳ್ಳಲಾಗುವುದು.
ಗ್ರಾಮಗಳಲ್ಲಿ ಜಾಗೃತಿ ಸಭೆಗಳನ್ನು ನಡೆಸಿ ಜನರಲ್ಲಿ ಕಾನೂನು ಅರಿವು ಮೂಡಿಸಲಾಗುತ್ತಿದೆ. ಮಹಿಳೆಯರು ಹಾಗೂ ಮಕ್ಕಳ ಸುರಕ್ಷತೆಗೆ ವಿಶೇಷ ಆದ್ಯತೆ ನೀಡಲಾಗಿದೆ. ಸೈಬರ್ ಅಪರಾಧಗಳ ಬಗ್ಗೆ ಎಚ್ಚರಿಕೆ ವಹಿಸಬೇಕು.
ಪ.ಜಾತಿ ಹಾಗೂ ಪ.ಪಂಗಡಗಳ ದೌರ್ಜನ್ಯ ತಡೆ ಕಾಯ್ದೆಯಡಿ ದಾಖಲಾಗುವ ಪ್ರಕರಣಗಳಲ್ಲಿ ಸಂತ್ರಸ್ತರಿಗೆ ನ್ಯಾಯ ಒದಗಿಸಲು ವಿಶೇಷ ತನಿಖಾ ತಂಡ ರಚಿಸಲಾಗಿದೆ.
ಸಭೆಯಲ್ಲಿ ಹೆಚ್ಚುವರಿ ಪೊಲೀಸ್ ವರಿಷ್ಠಾಧಿಕಾರಿ, ಡಿವೈಎಸ್‍ಪಿ, ಸಿಪಿಐ ಹಾಗೂ ಪಿಎಸ್‍ಐಗಳು ಮತ್ತು ವಿವಿಧ ಸಂಘಟನೆಗಳ ಮುಖಂಡರು ಪಾಲ್ಗೊಂಡಿದ್ದರು.
ಪ.ಪಂಗಡಗಳ ಸಮುದಾಯ ಮುಖಂಡರು ಸಮಸ್ಯೆಗಳನ್ನು ಹೇಳಿಕೊಂಡರು. ಸಮಾಧಾನವಾಗಿ ಆಲಿಸಿದ ಎಸ್.ಪಿ. ಅವರು ಸೂಕ್ತ ಕ್ರಮದ ಭರವಸೆ ನೀಡಿದರು. ಸಿಪಿಐ ನಾಗರಾಜ ಎಸ್.ಎಸ್. ಸ್ವಾಗತಿಸಿದರು. ಕಾರ್ಯಕ್ರಮದಲ್ಲಿ ಪೊಲೀಸ್ ಸಿಬ್ಬಂದಿ ಹಾಗೂ ಸಾರ್ವಜನಿಕರು ಭಾಗವಹಿಸಿದ್ದರು.
